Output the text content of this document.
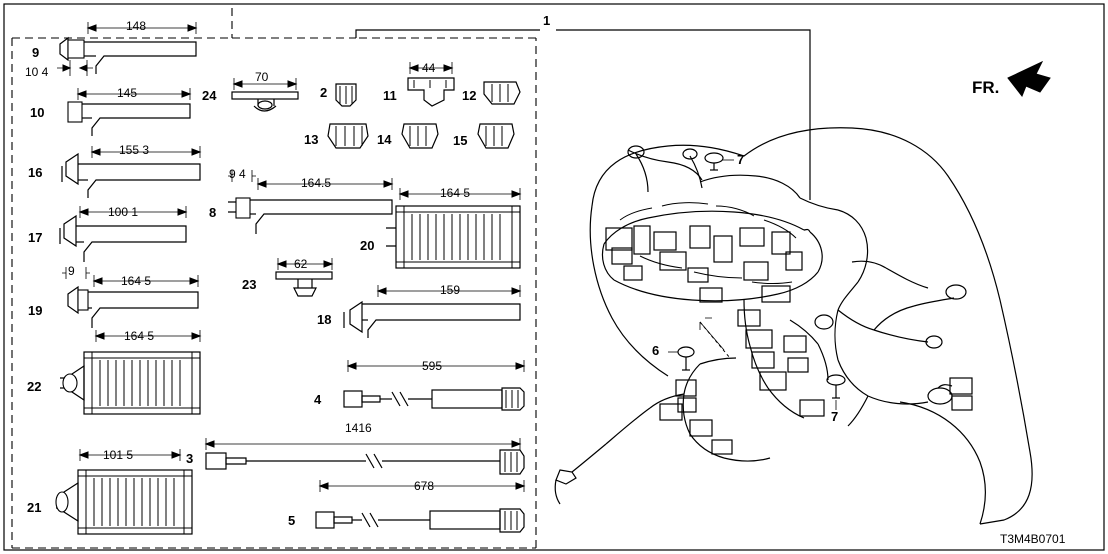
1
2
3
4
5
6
7
7
8
9
10
11	12
13	14	15
16
17
18
19
20
21
22
23
24
148
10 4
145
70
44
155 3
9 4
164.5
164 5
100 1
9
164 5
62
159
164 5
595
1416
101 5
678
FR.
T3M4B0701
